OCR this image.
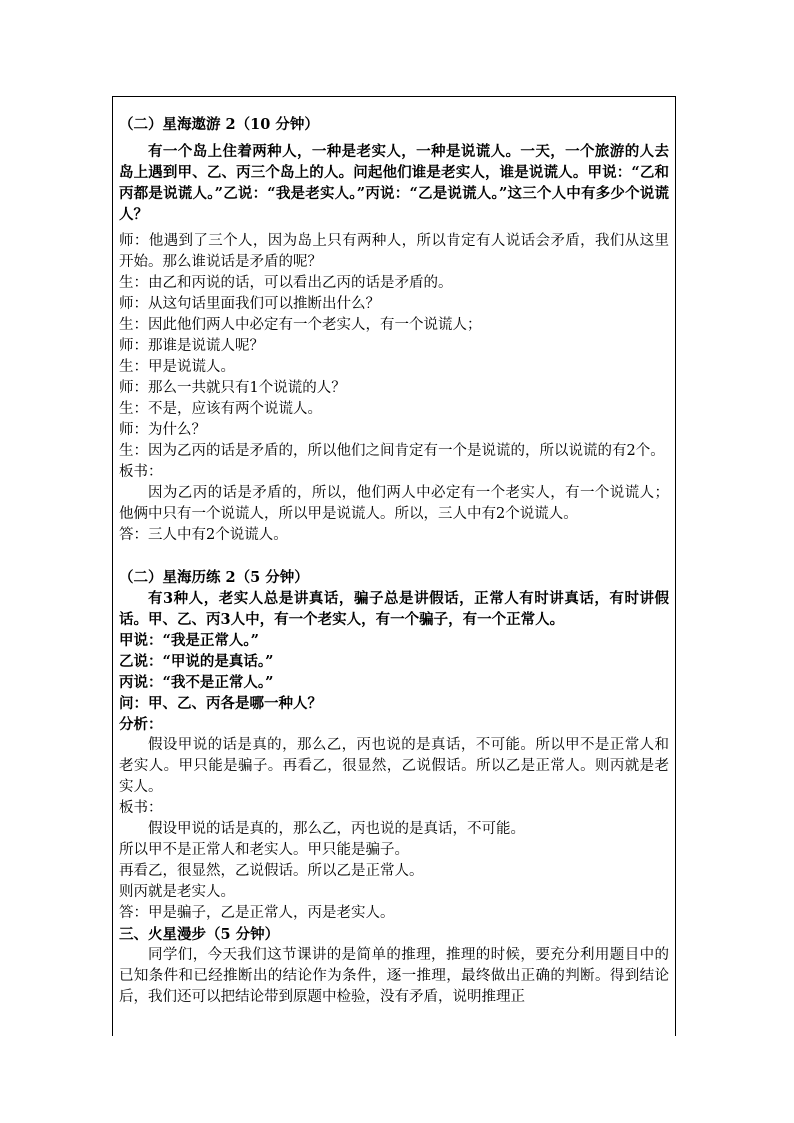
（二）星海遨游 2（10 分钟）

有一个岛上住着两种人，一种是老实人，一种是说谎人。一天，一个旅游的人去岛上遇到甲、乙、丙三个岛上的人。问起他们谁是老实人，谁是说谎人。甲说：“乙和丙都是说谎人。”乙说：“我是老实人。”丙说：“乙是说谎人。”这三个人中有多少个说谎人？

师：他遇到了三个人，因为岛上只有两种人，所以肯定有人说话会矛盾，我们从这里开始。那么谁说话是矛盾的呢？

生：由乙和丙说的话，可以看出乙丙的话是矛盾的。

师：从这句话里面我们可以推断出什么？

生：因此他们两人中必定有一个老实人，有一个说谎人；

师：那谁是说谎人呢？

生：甲是说谎人。

师：那么一共就只有1个说谎的人？

生：不是，应该有两个说谎人。

师：为什么？

生：因为乙丙的话是矛盾的，所以他们之间肯定有一个是说谎的，所以说谎的有2个。

板书：

因为乙丙的话是矛盾的，所以，他们两人中必定有一个老实人，有一个说谎人；他俩中只有一个说谎人，所以甲是说谎人。所以，三人中有2个说谎人。

答：三人中有2个说谎人。

（二）星海历练 2（5 分钟）

有3种人，老实人总是讲真话，骗子总是讲假话，正常人有时讲真话，有时讲假话。甲、乙、丙3人中，有一个老实人，有一个骗子，有一个正常人。

甲说：“我是正常人。”

乙说：“甲说的是真话。”

丙说：“我不是正常人。”

问：甲、乙、丙各是哪一种人？

分析：

假设甲说的话是真的，那么乙，丙也说的是真话，不可能。所以甲不是正常人和老实人。甲只能是骗子。再看乙，很显然，乙说假话。所以乙是正常人。则丙就是老实人。

板书：

假设甲说的话是真的，那么乙，丙也说的是真话，不可能。

所以甲不是正常人和老实人。甲只能是骗子。

再看乙，很显然，乙说假话。所以乙是正常人。

则丙就是老实人。

答：甲是骗子，乙是正常人，丙是老实人。

三、火星漫步（5 分钟）

同学们，今天我们这节课讲的是简单的推理，推理的时候，要充分利用题目中的已知条件和已经推断出的结论作为条件，逐一推理，最终做出正确的判断。得到结论后，我们还可以把结论带到原题中检验，没有矛盾，说明推理正
